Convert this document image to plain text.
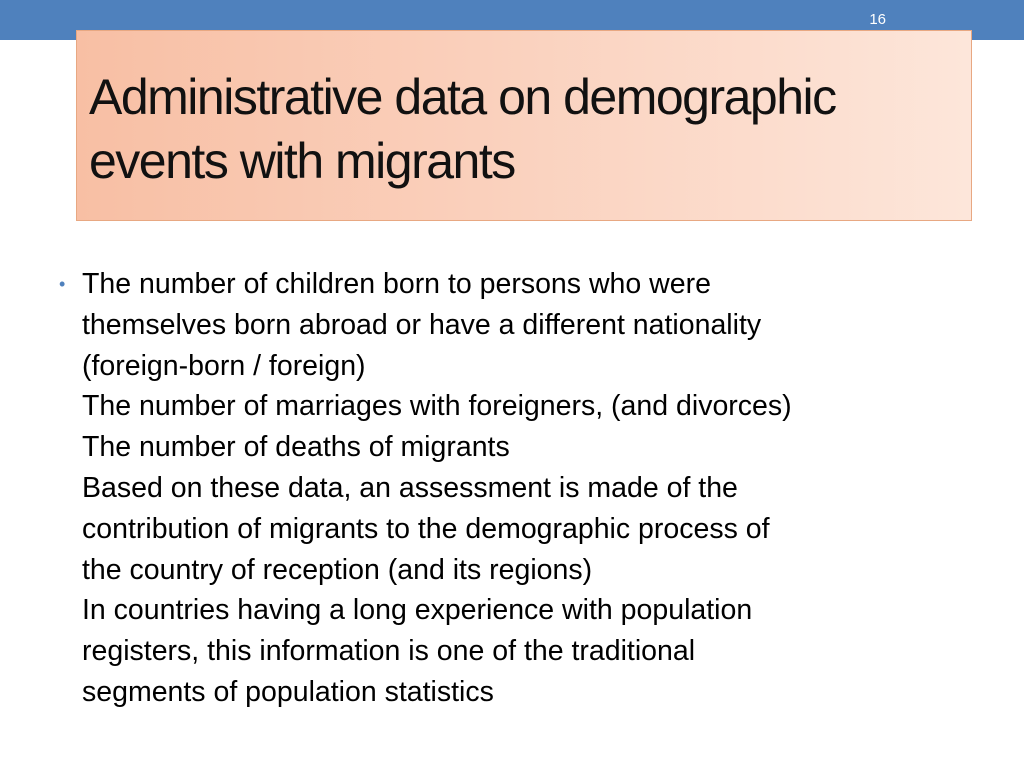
16
Administrative data on demographic
events with migrants
• The number of children born to persons who were
themselves born abroad or have a different nationality
(foreign-born / foreign)
The number of marriages with foreigners, (and divorces)
The number of deaths of migrants
Based on these data, an assessment is made of the
contribution of migrants to the demographic process of
the country of reception (and its regions)
In countries having a long experience with population
registers, this information is one of the traditional
segments of population statistics
